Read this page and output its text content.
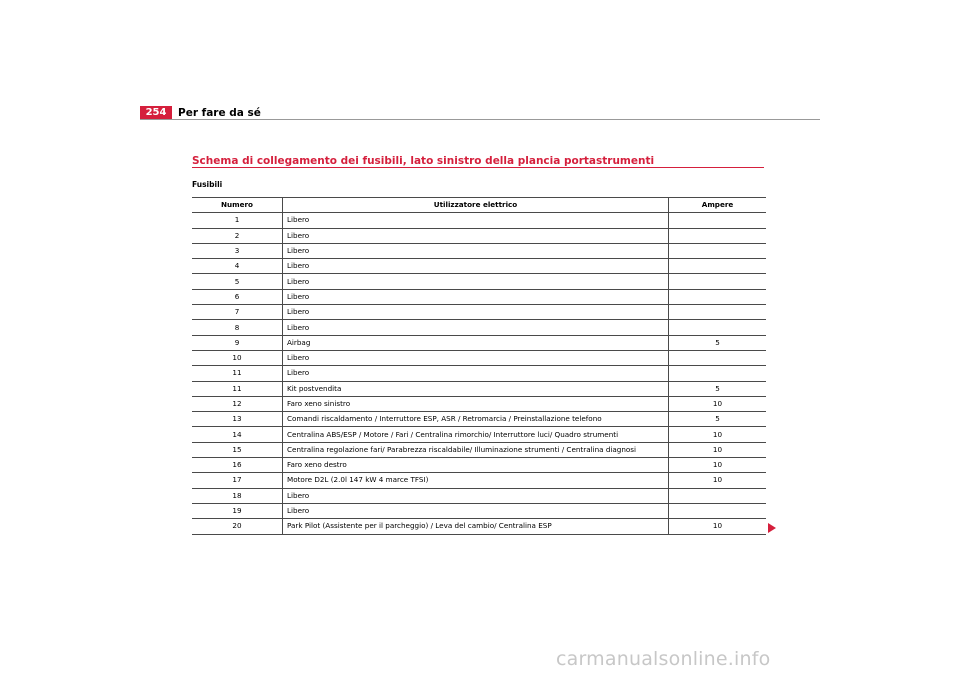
254	Per fare da sé
Schema di collegamento dei fusibili, lato sinistro della plancia portastrumenti
Fusibili
Numero	Utilizzatore elettrico	Ampere
1	Libero	
2	Libero	
3	Libero	
4	Libero	
5	Libero	
6	Libero	
7	Libero	
8	Libero	
9	Airbag	5
10	Libero	
11	Libero	
11	Kit postvendita	5
12	Faro xeno sinistro	10
13	Comandi riscaldamento / Interruttore ESP, ASR / Retromarcia / Preinstallazione telefono	5
14	Centralina ABS/ESP / Motore / Fari / Centralina rimorchio/ Interruttore luci/ Quadro strumenti	10
15	Centralina regolazione fari/ Parabrezza riscaldabile/ Illuminazione strumenti / Centralina diagnosi	10
16	Faro xeno destro	10
17	Motore D2L (2.0l 147 kW 4 marce TFSI)	10
18	Libero	
19	Libero	
20	Park Pilot (Assistente per il parcheggio) / Leva del cambio/ Centralina ESP	10
carmanualsonline.info
